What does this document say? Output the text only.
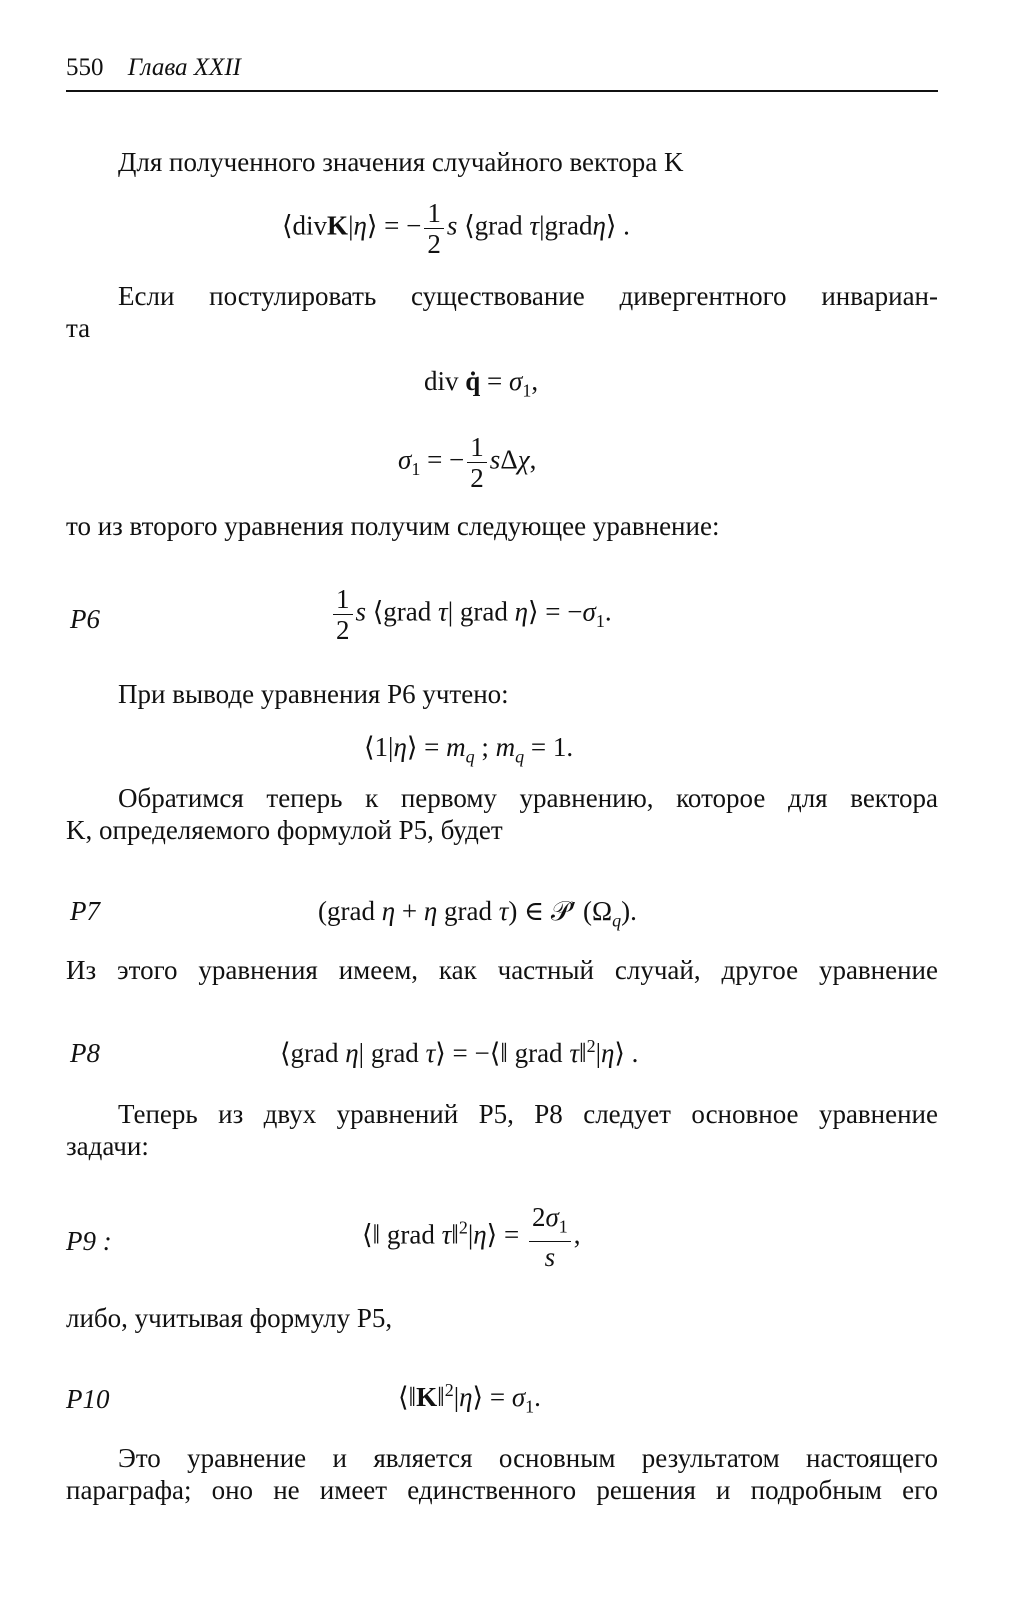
550 Глава XXII
Для полученного значения случайного вектора K
⟨divK|η⟩ = − $\frac{1}{2}$ s ⟨grad τ|gradη⟩ .
Если постулировать существование дивергентного инвариан-
та
div q̇ = $\sigma_1$,
$\sigma_1$ = − $\frac{1}{2} s\Delta\chi$,
то из второго уравнения получим следующее уравнение:
P6	$\frac{1}{2}$ s ⟨grad τ| grad η⟩ = $-\sigma_1$.
При выводе уравнения P6 учтено:
⟨1|η⟩ = $m_q$ ; $m_q = 1$.
Обратимся теперь к первому уравнению, которое для вектора
K, определяемого формулой P5, будет
P7	(grad η + η grad τ) ∈ 𝒫′ $(\Omega_q)$.
Из этого уравнения имеем, как частный случай, другое уравнение
P8	⟨grad η| grad τ⟩ = −⟨‖ grad τ‖$^2$|η⟩ .
Теперь из двух уравнений P5, P8 следует основное уравнение
задачи:
P9 :	⟨‖ grad τ‖$^2$|η⟩ = $\frac{2\sigma_1}{s}$ ,
либо, учитывая формулу P5,
P10	⟨‖K‖$^2$|η⟩ = $\sigma_1$.
Это уравнение и является основным результатом настоящего
параграфа; оно не имеет единственного решения и подробным его
